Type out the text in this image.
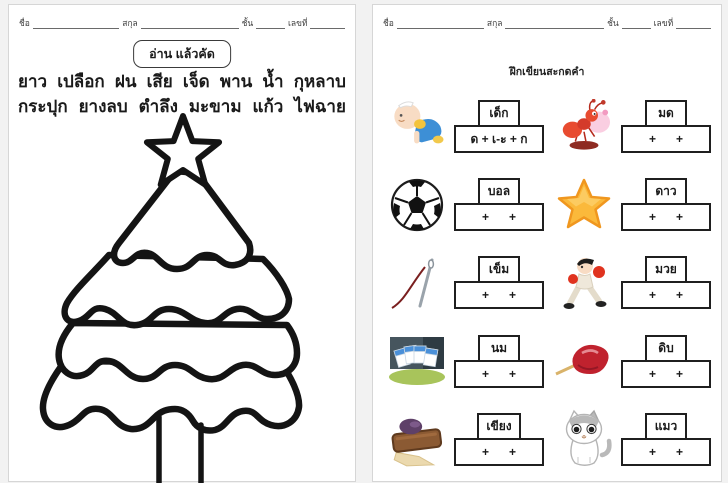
ชื่อ	สกุล	ชั้น	เลขที่
อ่าน แล้วคัด
ยาว เปลือก ฝน เสีย เจ็ด พาน น้ำ กุหลาบ
กระปุก ยางลบ ตำลึง มะขาม แก้ว ไฟฉาย
ชื่อ	สกุล	ชั้น	เลขที่
ฝึกเขียนสะกดคำ
เด็ก
ด + เ-ะ + ก
มด
+      +
บอล
+      +
ดาว
+      +
เข็ม
+      +
มวย
+      +
นม
+      +
ดิบ
+      +
เขียง
+      +
แมว
+      +
